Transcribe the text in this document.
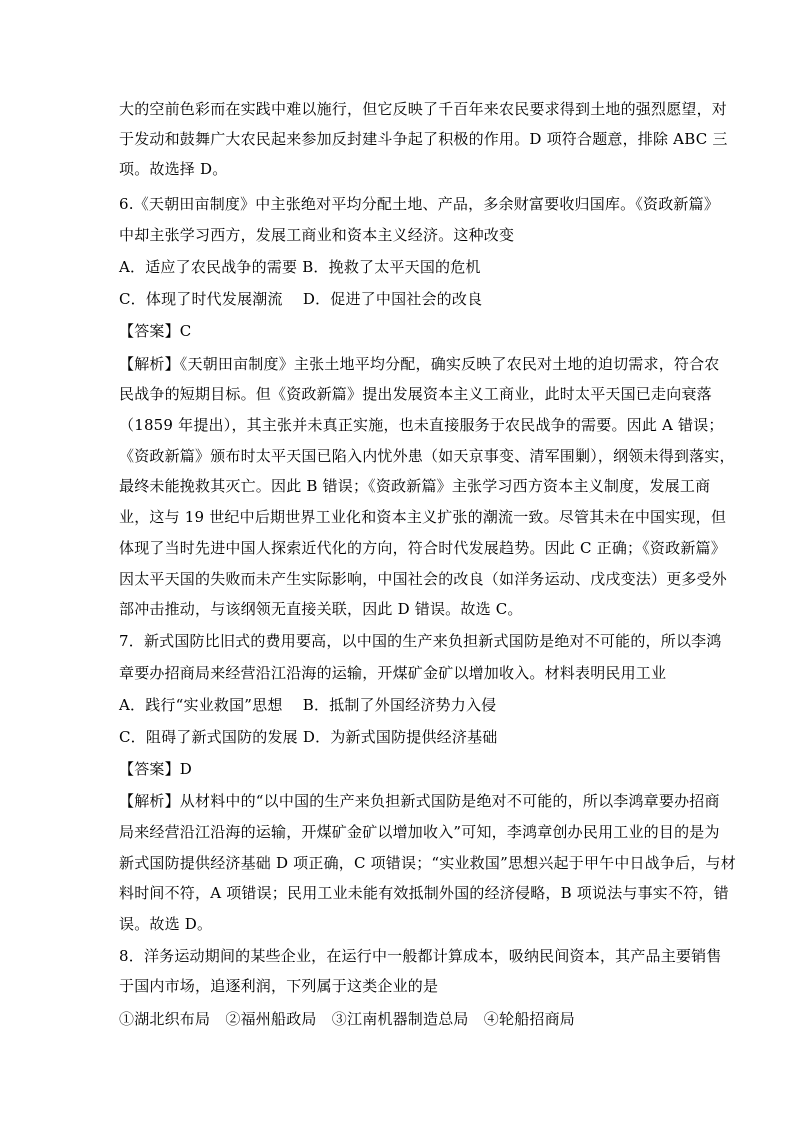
大的空前色彩而在实践中难以施行，但它反映了千百年来农民要求得到土地的强烈愿望，对
于发动和鼓舞广大农民起来参加反封建斗争起了积极的作用。D 项符合题意，排除 ABC 三
项。故选择 D。
6.《天朝田亩制度》中主张绝对平均分配土地、产品，多余财富要收归国库。《资政新篇》
中却主张学习西方，发展工商业和资本主义经济。这种改变
A．适应了农民战争的需要 B．挽救了太平天国的危机
C．体现了时代发展潮流　 D．促进了中国社会的改良
【答案】C
【解析】《天朝田亩制度》主张土地平均分配，确实反映了农民对土地的迫切需求，符合农
民战争的短期目标。但《资政新篇》提出发展资本主义工商业，此时太平天国已走向衰落
（1859 年提出），其主张并未真正实施，也未直接服务于农民战争的需要。因此 A 错误；
《资政新篇》颁布时太平天国已陷入内忧外患（如天京事变、清军围剿），纲领未得到落实，
最终未能挽救其灭亡。因此 B 错误；《资政新篇》主张学习西方资本主义制度，发展工商
业，这与 19 世纪中后期世界工业化和资本主义扩张的潮流一致。尽管其未在中国实现，但
体现了当时先进中国人探索近代化的方向，符合时代发展趋势。因此 C 正确；《资政新篇》
因太平天国的失败而未产生实际影响，中国社会的改良（如洋务运动、戊戌变法）更多受外
部冲击推动，与该纲领无直接关联，因此 D 错误。故选 C。
7．新式国防比旧式的费用要高，以中国的生产来负担新式国防是绝对不可能的，所以李鸿
章要办招商局来经营沿江沿海的运输，开煤矿金矿以增加收入。材料表明民用工业
A．践行“实业救国”思想　 B．抵制了外国经济势力入侵
C．阻碍了新式国防的发展 D．为新式国防提供经济基础
【答案】D
【解析】从材料中的“以中国的生产来负担新式国防是绝对不可能的，所以李鸿章要办招商
局来经营沿江沿海的运输，开煤矿金矿以增加收入”可知，李鸿章创办民用工业的目的是为
新式国防提供经济基础 D 项正确，C 项错误；“实业救国”思想兴起于甲午中日战争后，与材
料时间不符，A 项错误；民用工业未能有效抵制外国的经济侵略，B 项说法与事实不符，错
误。故选 D。
8．洋务运动期间的某些企业，在运行中一般都计算成本，吸纳民间资本，其产品主要销售
于国内市场，追逐利润，下列属于这类企业的是
①湖北织布局　②福州船政局　③江南机器制造总局　④轮船招商局
